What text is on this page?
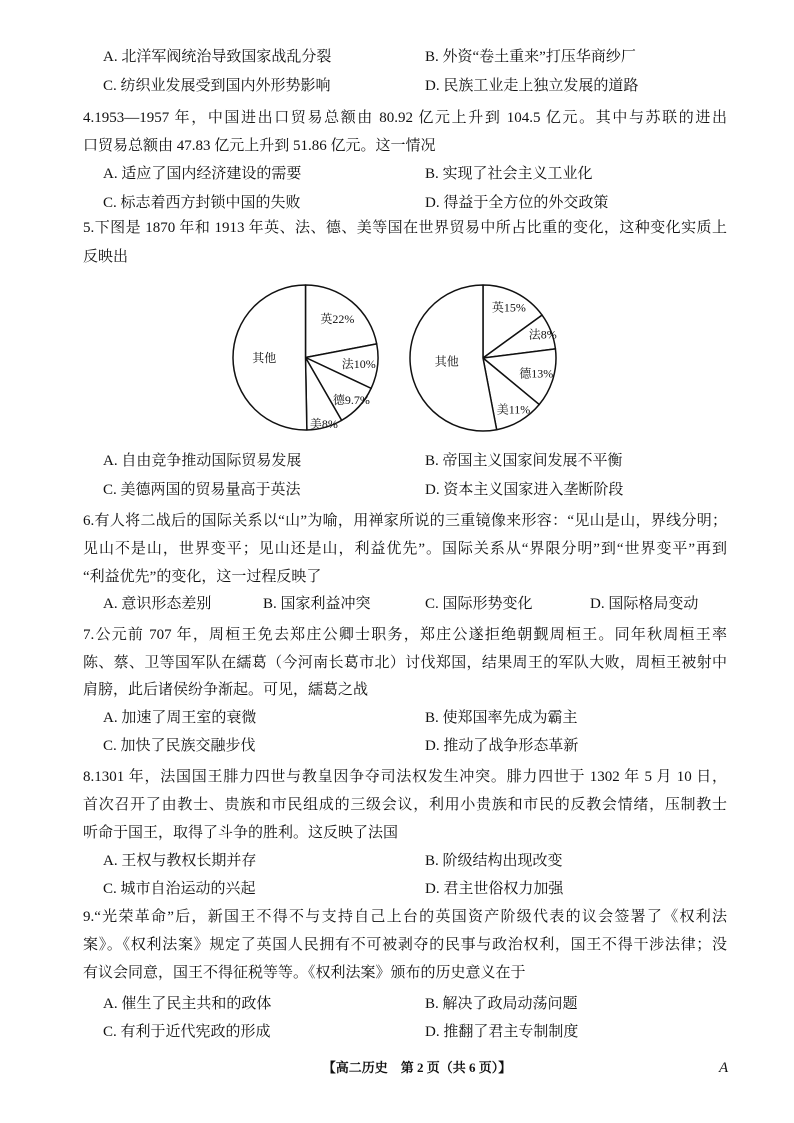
A. 北洋军阀统治导致国家战乱分裂	B. 外资“卷土重来”打压华商纱厂
C. 纺织业发展受到国内外形势影响	D. 民族工业走上独立发展的道路
4.1953—1957 年，中国进出口贸易总额由 80.92 亿元上升到 104.5 亿元。其中与苏联的进出
口贸易总额由 47.83 亿元上升到 51.86 亿元。这一情况
A. 适应了国内经济建设的需要	B. 实现了社会主义工业化
C. 标志着西方封锁中国的失败	D. 得益于全方位的外交政策
5.下图是 1870 年和 1913 年英、法、德、美等国在世界贸易中所占比重的变化，这种变化实质上
反映出
英22%
法10%
德9.7%
美8%
其他
英15%
法8%
德13%
美11%
其他
A. 自由竞争推动国际贸易发展	B. 帝国主义国家间发展不平衡
C. 美德两国的贸易量高于英法	D. 资本主义国家进入垄断阶段
6.有人将二战后的国际关系以“山”为喻，用禅家所说的三重镜像来形容：“见山是山，界线分明；
见山不是山，世界变平；见山还是山，利益优先”。国际关系从“界限分明”到“世界变平”再到
“利益优先”的变化，这一过程反映了
A. 意识形态差别	B. 国家利益冲突	C. 国际形势变化	D. 国际格局变动
7.公元前 707 年，周桓王免去郑庄公卿士职务，郑庄公遂拒绝朝觐周桓王。同年秋周桓王率
陈、蔡、卫等国军队在繻葛（今河南长葛市北）讨伐郑国，结果周王的军队大败，周桓王被射中
肩膀，此后诸侯纷争渐起。可见，繻葛之战
A. 加速了周王室的衰微	B. 使郑国率先成为霸主
C. 加快了民族交融步伐	D. 推动了战争形态革新
8.1301 年，法国国王腓力四世与教皇因争夺司法权发生冲突。腓力四世于 1302 年 5 月 10 日，
首次召开了由教士、贵族和市民组成的三级会议，利用小贵族和市民的反教会情绪，压制教士
听命于国王，取得了斗争的胜利。这反映了法国
A. 王权与教权长期并存	B. 阶级结构出现改变
C. 城市自治运动的兴起	D. 君主世俗权力加强
9.“光荣革命”后，新国王不得不与支持自己上台的英国资产阶级代表的议会签署了《权利法
案》。《权利法案》规定了英国人民拥有不可被剥夺的民事与政治权利，国王不得干涉法律；没
有议会同意，国王不得征税等等。《权利法案》颁布的历史意义在于
A. 催生了民主共和的政体	B. 解决了政局动荡问题
C. 有利于近代宪政的形成	D. 推翻了君主专制制度
【高二历史　第 2 页（共 6 页）】	A
